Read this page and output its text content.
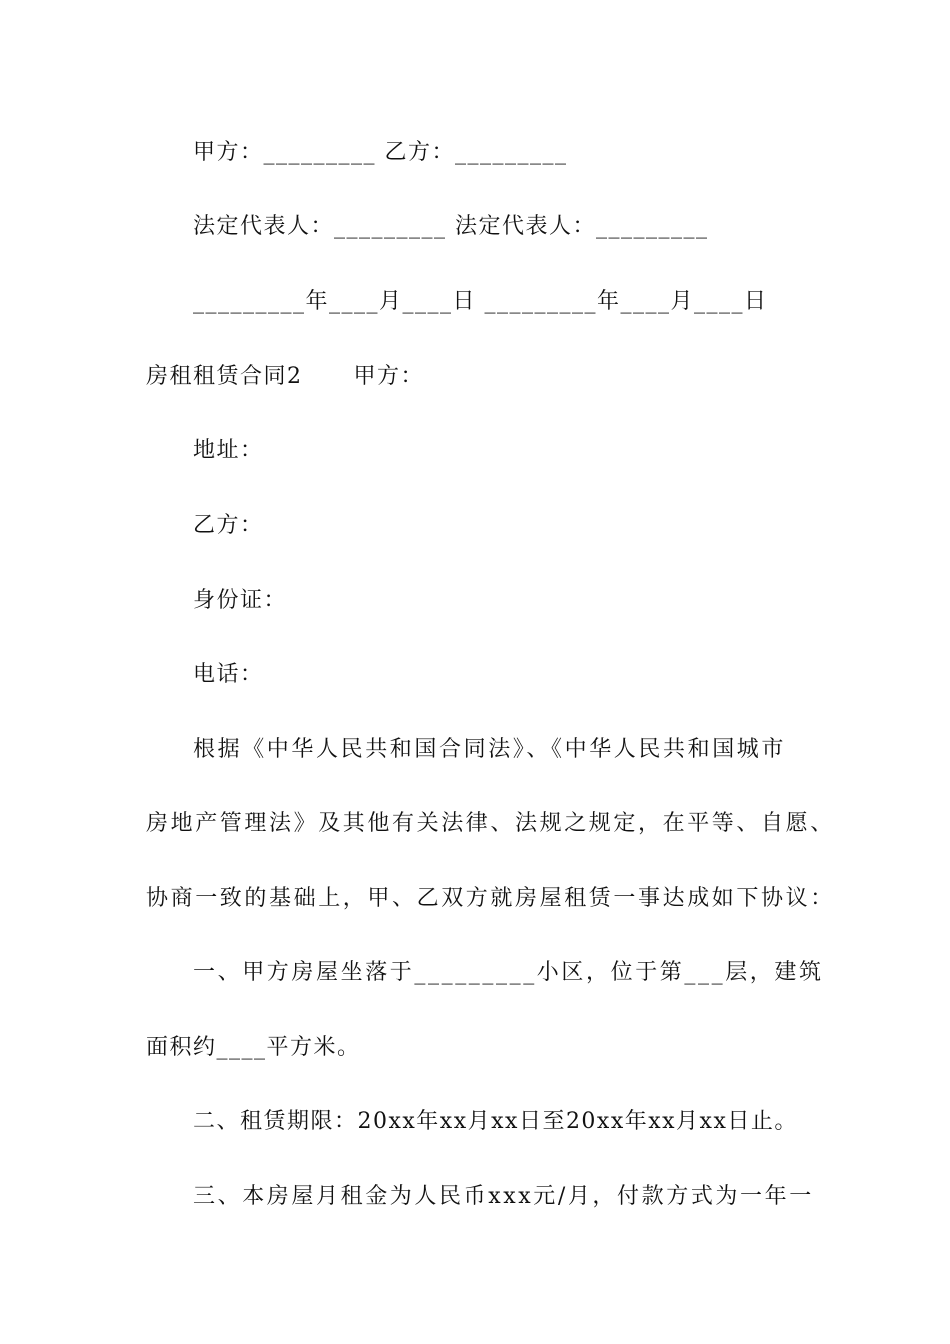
甲方：_________ 乙方：_________
法定代表人：_________ 法定代表人：_________
_________年____月____日 _________年____月____日
房租租赁合同2      甲方：
地址：
乙方：
身份证：
电话：
根据《中华人民共和国合同法》、《中华人民共和国城市
房地产管理法》及其他有关法律、法规之规定，在平等、自愿、
协商一致的基础上，甲、乙双方就房屋租赁一事达成如下协议：
一、甲方房屋坐落于_________小区，位于第___层，建筑
面积约____平方米。
二、租赁期限：20xx年xx月xx日至20xx年xx月xx日止。
三、本房屋月租金为人民币xxx元/月，付款方式为一年一
